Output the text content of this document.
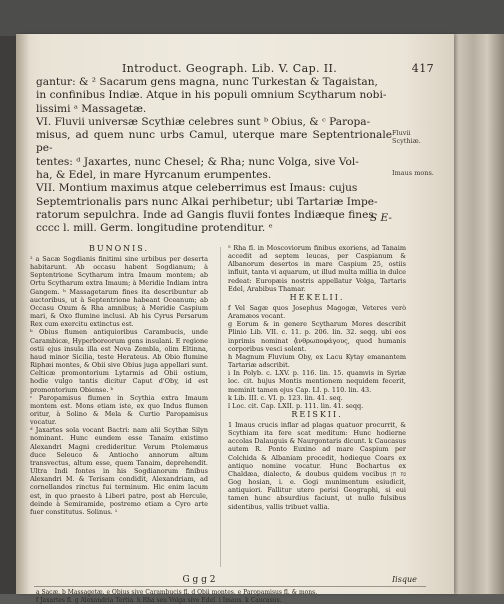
Introduct. Geograph. Lib. V. Cap. II.	417

gantur: & ² Sacarum gens magna, nunc Turkestan & Tagaistan,

in confinibus Indiæ. Atque in his populi omnium Scytharum nobi-

lissimi ᵃ Massagetæ.

VI. Fluvii universæ Scythiæ celebres sunt ᵇ Obius, & ᶜ Paropa-

misus, ad quem nunc urbs Camul, uterque mare Septentrionale pe-

tentes: ᵈ Jaxartes, nunc Chesel; & Rha; nunc Volga, sive Vol-

ha, & Edel, in mare Hyrcanum erumpentes.

VII. Montium maximus atque celeberrimus est Imaus: cujus

Septemtrionalis pars nunc Alkai perhibetur; ubi Tartariæ Impe-

ratorum sepulchra. Inde ad Gangis fluvii fontes Indiæque fines

cccc l. mill. Germ. longitudine protenditur. ᵉ

Fluvii Scythiæ.
Imaus mons.
S E-
BUNONIS.

² a Sacæ Sogdianis finitimi sine urbibus per deserta habitarunt. Ab occasu habent Sogdianum; à Septentrione Scytharum intra Imaum montem; ab Ortu Scytharum extra Imaum; à Meridie Indiam intra Gangem. ᵇ Massagetarum fines ita describuntur ab auctoribus, ut à Septentrione habeant Oceanum; ab Occasu Oxum & Rha amnibus; à Meridie Caspium mari, & Oxo flumine inclusi. Ab his Cyrus Persarum Rex cum exercitu extinctus est.

ᵇ Obius flumen antiquioribus Carambucis, unde Carambicæ, Hyperboreorum gens insulani. E regione ostii ejus insula illa est Nova Zembla, olim Eltinna, haud minor Sicilia, teste Herateus. Ab Obio flumine Riphæi montes, & Obii sive Obius juga appellari sunt. Celticæ promontorium Lytarmis ad Obii ostium, hodie vulgo tantis dicitur Caput d'Oby, id est promontorium Obiense. ᵇ

ᶜ Paropamisus flumen in Scythia extra Imaum montem est. Mons etiam iste, ex quo Indus flumen oritur, à Solino & Mela & Curtio Paropamisus vocatur.

ᵈ Jaxartes sola vocant Bactri: nam alii Scythæ Silyn nominant. Hunc eundem esse Tanaim existimo Alexandri Magni credideritur. Verum Ptolemæus duce Seleuco & Antiocho annorum altum transvectus, altum esse, quem Tanaim, deprehendit. Ultra Indi fontes in his Sogdianorum finibus Alexandri M. & Terisam condidit, Alexandriam, ad cornellandos rinctus fui terminum. Hic enim lacum est, in quo praesto à Liberi patre, post ab Hercule, deinde à Semiramide, postremo etiam a Cyro arte fuer constitutus. Solinus. ¹

⁵ Rha fl. in Moscoviorum finibus exoriens, ad Tanaim accedit ad septem leucas, per Caspianum & Albanorum desertos in mare Caspium 25, ostiis influit, tanta vi aquarum, ut illud multa millia in dulce redeat: Europæis nostris appellatur Volga, Tartaris Edel, Arabibus Thamar.

HEKELII.

f Vel Sagæ quos Josephus Magogæ, Veteres verò Aramæos vocant.

g Eorum & in genere Scytharum Mores describit Plinio Lib. VII. c. 11. p. 206. lin. 32. seqq. ubi eos inprimis nominat ᾄνθρωποφάγους, quod humanis corporibus vesci solent.

h Magnum Fluvium Oby, ex Lacu Kytay emanantem Tartariæ adscribit.

i In Polyb. c. LXV. p. 116. lin. 15. quamvis in Syriæ loc. cit. hujus Montis mentionem nequidem fecerit, meminit tamen ejus Cap. LI. p. 110. lin. 43.

k Lib. III. c. VI. p. 123. lin. 41. seq.

l Loc. cit. Cap. LXII. p. 111. lin. 41. seqq.

REISKII.

1 Imaus crucis inflar ad plagas quatuor procurrit, & Scythiam ita fere scat meditum: Hunc hodierne accolas Dalauguis & Naurgontaris dicunt. k Caucasus autem R. Ponto Euxino ad mare Caspium per Colchida & Albaniam procedit, hodieque Coars ex antiquo nomine vocatur. Hunc Bochartus ex Chaldæa, dialecto, & doubus quidem vocibus גּוּז חן Gog hosian, i. e. Gogi munimentum esiudicit, antiquiori. Fallitur utero perisi Geographi, si eui tamen hunc absurdius faciunt, ut nullo fulsibus sidentibus, vallis tribuet vallia.

G g g 2	Iisque

a Sacæ. b Massagetæ. e Obius sive Carambucis fl. d Obii montes. e Paropamisus fl. & mons.

f Jaxartes fl. g Alexandria Tertia. h Rha seu Volga sive Edel. i Imaus. k Caucasus.
